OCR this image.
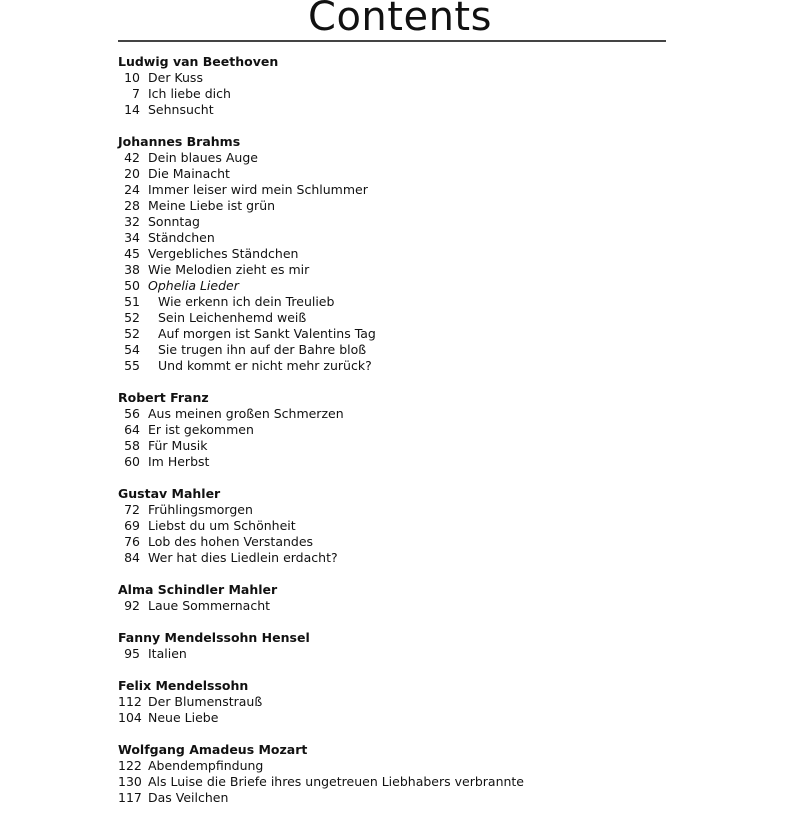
Contents
Ludwig van Beethoven
10 Der Kuss
7 Ich liebe dich
14 Sehnsucht
Johannes Brahms
42 Dein blaues Auge
20 Die Mainacht
24 Immer leiser wird mein Schlummer
28 Meine Liebe ist grün
32 Sonntag
34 Ständchen
45 Vergebliches Ständchen
38 Wie Melodien zieht es mir
50 Ophelia Lieder
51	Wie erkenn ich dein Treulieb
52	Sein Leichenhemd weiß
52	Auf morgen ist Sankt Valentins Tag
54	Sie trugen ihn auf der Bahre bloß
55	Und kommt er nicht mehr zurück?
Robert Franz
56 Aus meinen großen Schmerzen
64 Er ist gekommen
58 Für Musik
60 Im Herbst
Gustav Mahler
72 Frühlingsmorgen
69 Liebst du um Schönheit
76 Lob des hohen Verstandes
84 Wer hat dies Liedlein erdacht?
Alma Schindler Mahler
92 Laue Sommernacht
Fanny Mendelssohn Hensel
95 Italien
Felix Mendelssohn
112 Der Blumenstrauß
104 Neue Liebe
Wolfgang Amadeus Mozart
122 Abendempfindung
130 Als Luise die Briefe ihres ungetreuen Liebhabers verbrannte
117 Das Veilchen
